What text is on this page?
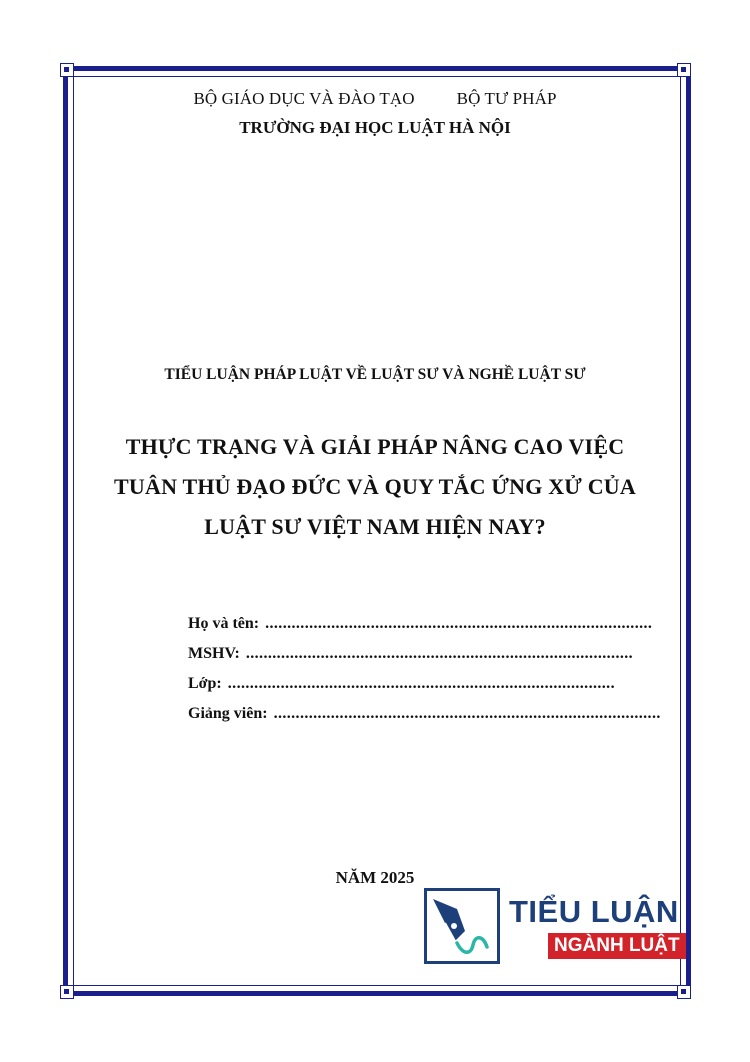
BỘ GIÁO DỤC VÀ ĐÀO TẠO BỘ TƯ PHÁP
TRƯỜNG ĐẠI HỌC LUẬT HÀ NỘI
TIỂU LUẬN PHÁP LUẬT VỀ LUẬT SƯ VÀ NGHỀ LUẬT SƯ
THỰC TRẠNG VÀ GIẢI PHÁP NÂNG CAO VIỆC
TUÂN THỦ ĐẠO ĐỨC VÀ QUY TẮC ỨNG XỬ CỦA
LUẬT SƯ VIỆT NAM HIỆN NAY?
Họ và tên: ........................................................................................
MSHV: ........................................................................................
Lớp: ........................................................................................
Giảng viên: ........................................................................................
NĂM 2025
TIỂU LUẬN
NGÀNH LUẬT
